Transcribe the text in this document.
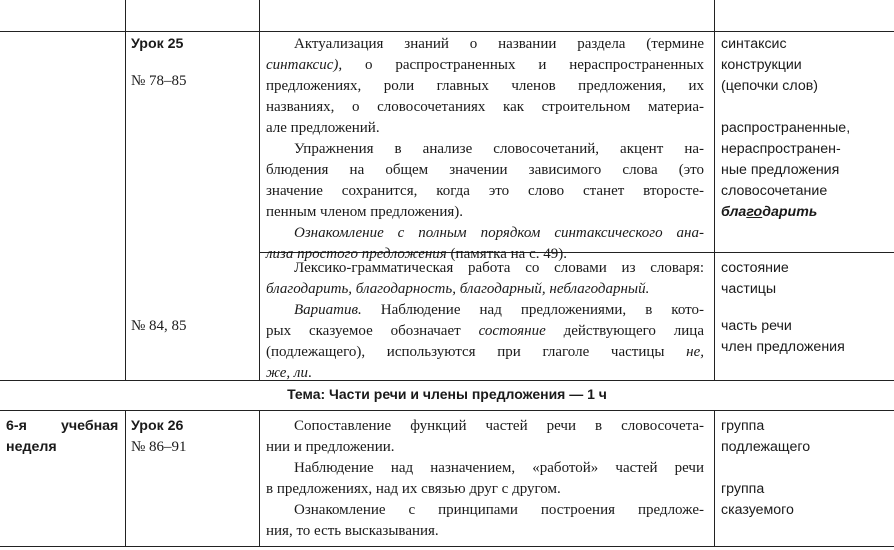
Урок 25
№ 78–85
№ 84, 85
Актуализация знаний о названии раздела (термине
синтаксис), о распространенных и нераспространенных
предложениях, роли главных членов предложения, их
названиях, о словосочетаниях как строительном материа-
але предложений.
Упражнения в анализе словосочетаний, акцент на-
блюдения на общем значении зависимого слова (это
значение сохранится, когда это слово станет второсте-
пенным членом предложения).
Ознакомление с полным порядком синтаксического ана-
лиза простого предложения (памятка на с. 49).
Лексико-грамматическая работа со словами из словаря:
благодарить, благодарность, благодарный, неблагодарный.
Вариатив. Наблюдение над предложениями, в кото-
рых сказуемое обозначает состояние действующего лица
(подлежащего), используются при глаголе частицы не,
же, ли.
синтаксис
конструкции
(цепочки слов)
распространенные,
нераспространен-
ные предложения
словосочетание
благодарить
состояние
частицы
часть речи
член предложения
Тема: Части речи и члены предложения — 1 ч
6-я учебная
неделя
Урок 26
№ 86–91
Сопоставление функций частей речи в словосочета-
нии и предложении.
Наблюдение над назначением, «работой» частей речи
в предложениях, над их связью друг с другом.
Ознакомление с принципами построения предложе-
ния, то есть высказывания.
группа
подлежащего
группа
сказуемого
